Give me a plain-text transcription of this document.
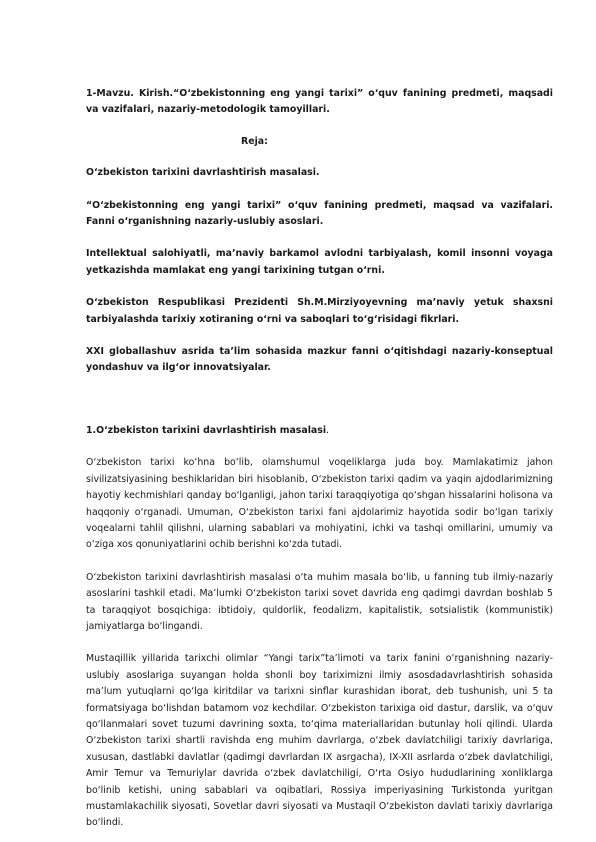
1-Mavzu. Kirish.“O‘zbekistonning eng yangi tarixi” o‘quv fanining predmeti, maqsadi va vazifalari, nazariy-metodologik tamoyillari.

Reja:

O‘zbekiston tarixini davrlashtirish masalasi.

“O‘zbekistonning eng yangi tarixi” o‘quv fanining predmeti, maqsad va vazifalari. Fanni o‘rganishning nazariy-uslubiy asoslari.

Intellektual salohiyatli, ma’naviy barkamol avlodni tarbiyalash, komil insonni voyaga yetkazishda mamlakat eng yangi tarixining tutgan o‘rni.

O‘zbekiston Respublikasi Prezidenti Sh.M.Mirziyoyevning ma’naviy yetuk shaxsni tarbiyalashda tarixiy xotiraning o‘rni va saboqlari to‘g‘risidagi fikrlari.

XXI globallashuv asrida ta’lim sohasida mazkur fanni o‘qitishdagi nazariy-konseptual yondashuv va ilg‘or innovatsiyalar.

1.O‘zbekiston tarixini davrlashtirish masalasi.

O‘zbekiston tarixi ko‘hna bo‘lib, olamshumul voqeliklarga juda boy. Mamlakatimiz jahon sivilizatsiyasining beshiklaridan biri hisoblanib, O‘zbekiston tarixi qadim va yaqin ajdodlarimizning hayotiy kechmishlari qanday bo‘lganligi, jahon tarixi taraqqiyotiga qo‘shgan hissalarini holisona va haqqoniy o‘rganadi. Umuman, O‘zbekiston tarixi fani ajdolarimiz hayotida sodir bo‘lgan tarixiy voqealarni tahlil qilishni, ularning sabablari va mohiyatini, ichki va tashqi omillarini, umumiy va o‘ziga xos qonuniyatlarini ochib berishni ko‘zda tutadi.

O‘zbekiston tarixini davrlashtirish masalasi o‘ta muhim masala bo‘lib, u fanning tub ilmiy-nazariy asoslarini tashkil etadi. Ma’lumki O‘zbekiston tarixi sovet davrida eng qadimgi davrdan boshlab 5 ta taraqqiyot bosqichiga: ibtidoiy, quldorlik, feodalizm, kapitalistik, sotsialistik (kommunistik) jamiyatlarga bo‘lingandi.

Mustaqillik yillarida tarixchi olimlar “Yangi tarix”ta’limoti va tarix fanini o‘rganishning nazariy-uslubiy asoslariga suyangan holda shonli boy tariximizni ilmiy asosdadavrlashtirish sohasida ma’lum yutuqlarni qo‘lga kiritdilar va tarixni sinflar kurashidan iborat, deb tushunish, uni 5 ta formatsiyaga bo‘lishdan batamom voz kechdilar. O‘zbekiston tarixiga oid dastur, darslik, va o‘quv qo‘llanmalari sovet tuzumi davrining soxta, to‘qima materiallaridan butunlay holi qilindi. Ularda O‘zbekiston tarixi shartli ravishda eng muhim davrlarga, o‘zbek davlatchiligi tarixiy davrlariga, xususan, dastlabki davlatlar (qadimgi davrlardan IX asrgacha), IX-XII asrlarda o‘zbek davlatchiligi, Amir Temur va Temuriylar davrida o‘zbek davlatchiligi, O‘rta Osiyo hududlarining xonliklarga bo‘linib ketishi, uning sabablari va oqibatlari, Rossiya imperiyasining Turkistonda yuritgan mustamlakachilik siyosati, Sovetlar davri siyosati va Mustaqil O‘zbekiston davlati tarixiy davrlariga bo‘lindi.
